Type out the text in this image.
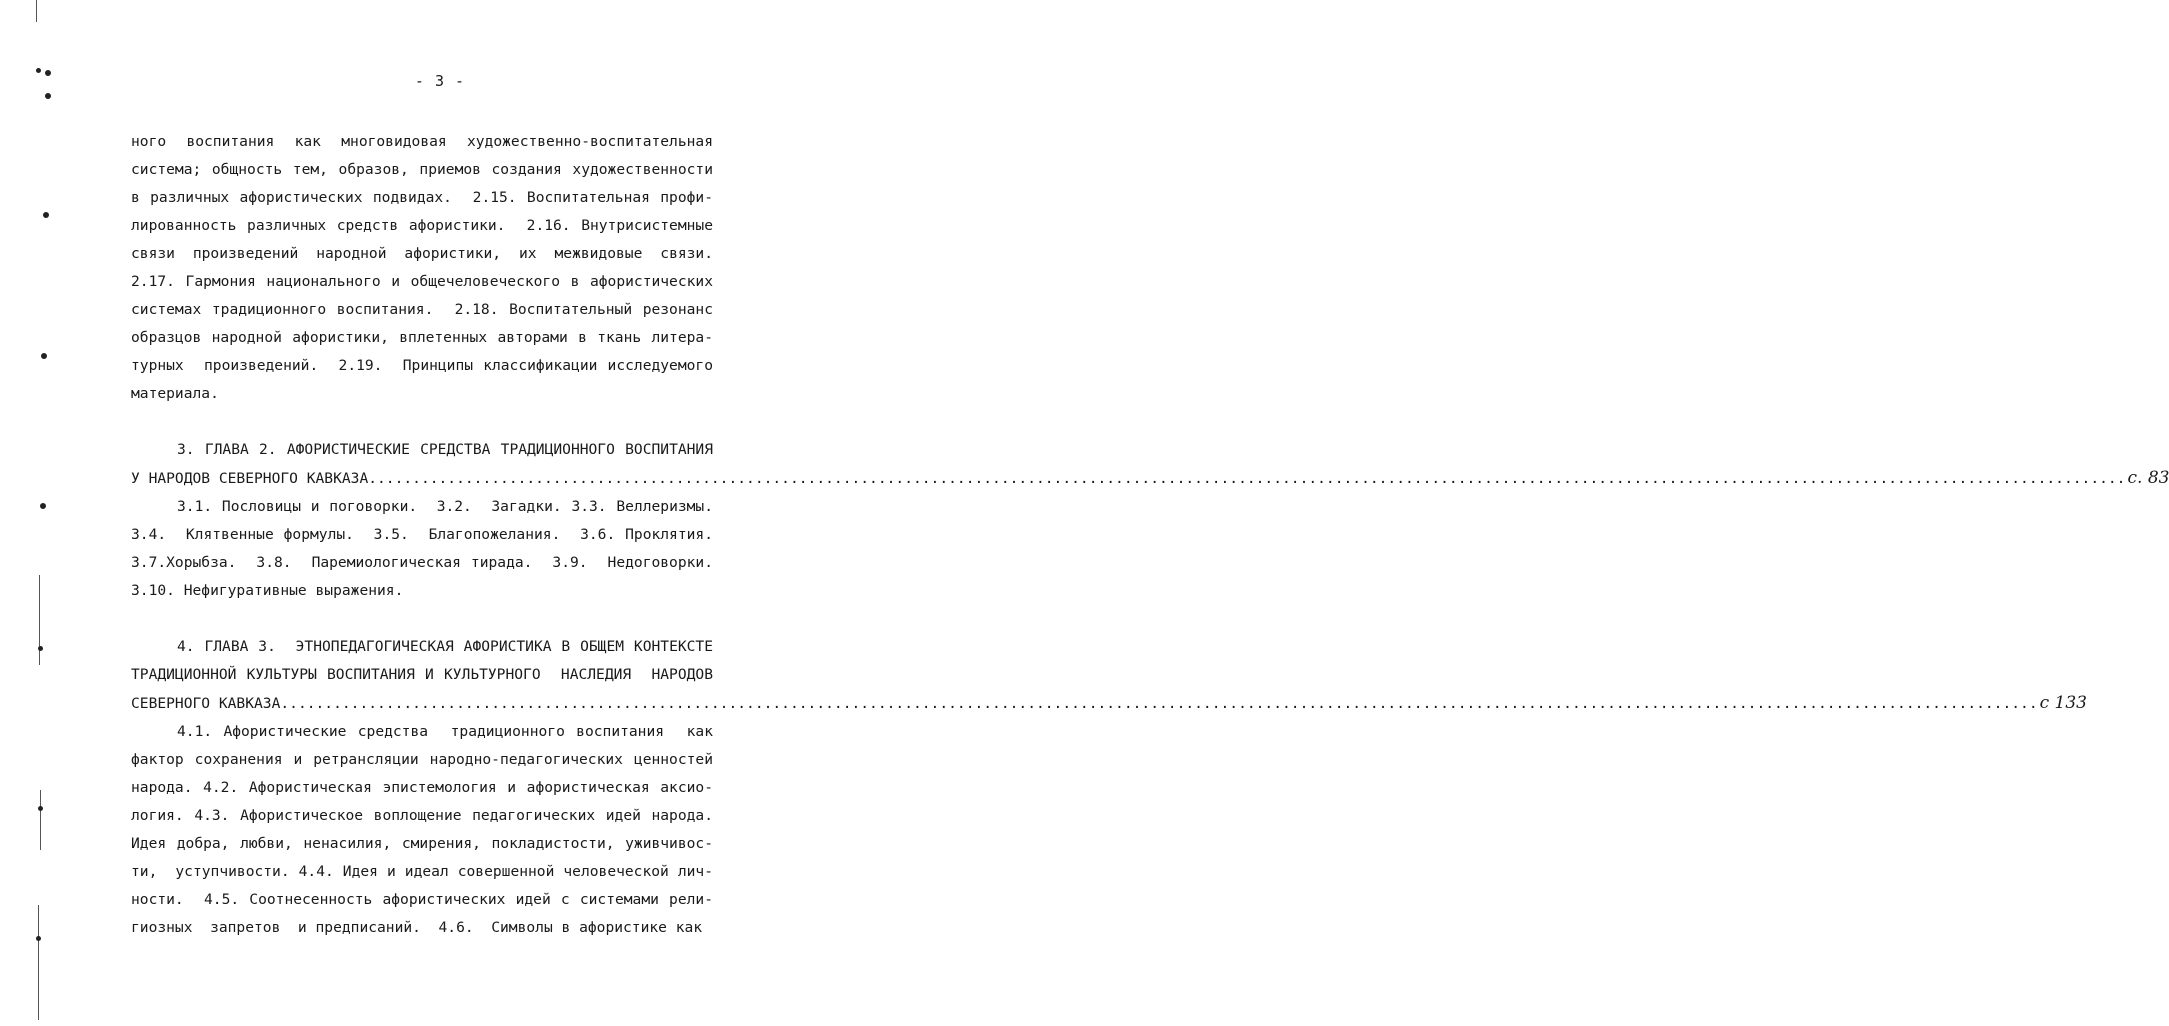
- 3 -
ного  воспитания  как  многовидовая  художественно-воспитательная
система; общность тем, образов, приемов создания художественности
в различных афористических подвидах.  2.15. Воспитательная профи-
лированность различных средств афористики.  2.16. Внутрисистемные
связи  произведений  народной  афористики,  их  межвидовые  связи.
2.17. Гармония национального и общечеловеческого в афористических
системах традиционного воспитания.  2.18. Воспитательный резонанс
образцов народной афористики, вплетенных авторами в ткань литера-
турных  произведений.  2.19.  Принципы классификации исследуемого
материала.
3. ГЛАВА 2. АФОРИСТИЧЕСКИЕ СРЕДСТВА ТРАДИЦИОННОГО ВОСПИТАНИЯ
У НАРОДОВ СЕВЕРНОГО КАВКАЗА ........................................................................................................................................................................................................ с. 83
3.1. Пословицы и поговорки.  3.2.  Загадки. 3.3. Веллеризмы.
3.4.  Клятвенные формулы.  3.5.  Благопожелания.  3.6. Проклятия.
3.7.Хорыбза.  3.8.  Паремиологическая тирада.  3.9.  Недоговорки.
3.10. Нефигуративные выражения.
4. ГЛАВА 3.  ЭТНОПЕДАГОГИЧЕСКАЯ АФОРИСТИКА В ОБЩЕМ КОНТЕКСТЕ
ТРАДИЦИОННОЙ КУЛЬТУРЫ ВОСПИТАНИЯ И КУЛЬТУРНОГО  НАСЛЕДИЯ  НАРОДОВ
СЕВЕРНОГО КАВКАЗА ........................................................................................................................................................................................................ с 133
4.1. Афористические средства  традиционного воспитания  как
фактор сохранения и ретрансляции народно-педагогических ценностей
народа. 4.2. Афористическая эпистемология и афористическая аксио-
логия. 4.3. Афористическое воплощение педагогических идей народа.
Идея добра, любви, ненасилия, смирения, покладистости, уживчивос-
ти,  уступчивости. 4.4. Идея и идеал совершенной человеческой лич-
ности.  4.5. Соотнесенность афористических идей с системами рели-
гиозных  запретов  и предписаний.  4.6.  Символы в афористике как
